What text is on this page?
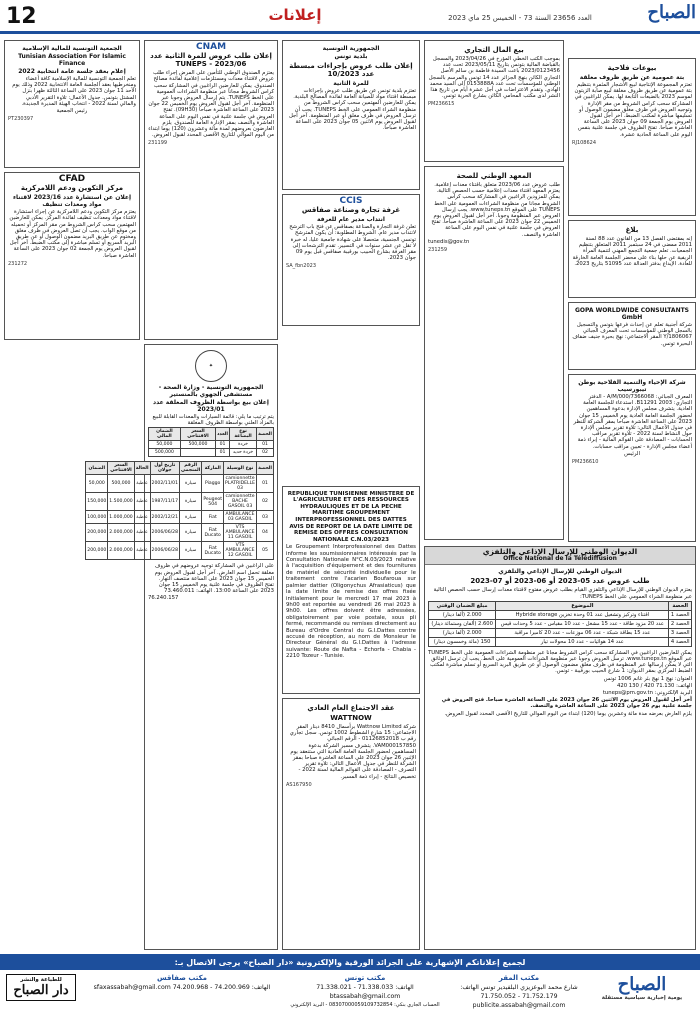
12	إعلانات	العدد 23656 السنة 73 - الخميس 25 ماي 2023	الصباح
بيوعات فلاحية
بتة عمومية عن طريق ظروف مغلقة

تعتزم المجموعة الإنتاجية لبيع الأشجار المثمرة بتنظيم بتة عمومية عن طريق ظروف مغلقة لبيع صابة الزيتون لموسم 2023 بالضيعات التابعة لها. يمكن للراغبين في المشاركة سحب كراس الشروط من مقر الإدارة وتوجيه العروض في ظرف مغلق مضمون الوصول أو تسليمها مباشرة لمكتب الضبط. آخر أجل لقبول العروض يوم الجمعة 09 جوان 2023 على الساعة العاشرة صباحا. تفتح الظروف في جلسة علنية بنفس اليوم على الساعة الحادية عشرة.

RJ108624
بلاغ

إنه بمقتضى الفصل 13 من القانون عدد 88 لسنة 2011 ممضى في 24 سبتمبر 2011 المتعلق بتنظيم الجمعيات. تعلم جمعية التجمع المهني لتنمية المرأة الريفية عن حلها بناء على محضر الجلسة العامة الخارقة للعادة. الإيداع بدفتر العدالة عدد 51095 بتاريخ 2023.

GOPA WORLDWIDE CONSULTANTS GmbH

شركة أجنبية تعلم عن إحداث فرعها بتونس والتسجيل بالسجل الوطني للمؤسسات تحت المعرف الجبائي 1806067/Y المقر الاجتماعي: نهج بحيرة جنيف ضفاف البحيرة تونس.

شركة الإحياء والتنمية الفلاحية بوطن تيبورسيب

المعرف الجبائي: 7366068/A/M/000 - الدفتر التجاري: B11291 2003. استدعاء للجلسة العامة العادية. يتشرف مجلس الإدارة بدعوة المساهمين لحضور الجلسة العامة العادية يوم الخميس 15 جوان 2023 على الساعة العاشرة صباحا بمقر الشركة للنظر في جدول الأعمال التالي: تلاوة تقرير مجلس الإدارة حول النشاط لسنة 2022 - تلاوة تقرير مراقب الحسابات - المصادقة على القوائم المالية - إبراء ذمة أعضاء مجلس الإدارة - تعيين مراقب حسابات.

الرئيس

PM236610
بيع المال التجاري

بموجب الكتب الخطي المؤرخ في 2023/04/26 والمسجل بالقباضة المالية بتونس بتاريخ 2023/05/11 تحت عدد 2023/0123456 باعت السيدة فاطمة بن سالم الأصل التجاري الكائن بنهج الجزائر عدد 14 تونس والمرسم بالسجل الوطني للمؤسسات تحت عدد 0153888A إلى السيد محمد الهادي. وتقدم الاعتراضات في أجل عشرة أيام من تاريخ هذا النشر لدى مكتب المحامي الكائن بشارع الحرية تونس.

PM236615
المعهد الوطني للصحة

طلب عروض عدد 2023/06 متعلق باقتناء معدات إعلامية. يعتزم المعهد اقتناء معدات إعلامية حسب الحصص التالية. يمكن للمزودين الراغبين في المشاركة سحب كراس الشروط مجانا من منظومة الشراءات العمومية على الخط TUNEPS على الموقع www.tuneps.tn. يجب إرسال العروض عبر المنظومة وجوبا. آخر أجل لقبول العروض يوم الخميس 22 جوان 2023 على الساعة العاشرة صباحا. تفتح العروض في جلسة علنية في نفس اليوم على الساعة العاشرة والنصف.

tunedis@gov.tn

231259
الجمهورية التونسية
بلدية تونس
إعلان طلب عروض بإجراءات مبسطة عدد 10/2023
للمرة الثانية

تعتزم بلدية تونس عن طريق طلب عروض بإجراءات مبسطة اقتناء مواد للصيانة العامة لفائدة المصالح البلدية. يمكن للعارضين المهتمين سحب كراس الشروط من منظومة الشراء العمومي على الخط TUNEPS. يجب أن ترسل العروض في ظرف مغلق أو عبر المنظومة. آخر أجل لقبول العروض يوم الاثنين 05 جوان 2023 على الساعة العاشرة صباحا.

CCIS
غرفة تجارة وصناعة صفاقس
انتداب مدير عام للغرفة

تعلن غرفة التجارة والصناعة بصفاقس عن فتح باب الترشح لانتداب مدير عام. الشروط المطلوبة: أن يكون المترشح تونسي الجنسية، متحصلا على شهادة جامعية عليا، له خبرة لا تقل عن عشر سنوات في التسيير. تقدم الترشحات إلى مقر الغرفة بشارع الحبيب بورقيبة صفاقس قبل يوم 09 جوان 2023.

SA_fbn2023
REPUBLIQUE TUNISIENNE MINISTERE DE L'AGRICULTURE ET DES RESSOURCES HYDRAULIQUES ET DE LA PECHE MARITIME GROUPEMENT INTERPROFESSIONNEL DES DATTES
AVIS DE REPORT DE LA DATE LIMITE DE REMISE DES OFFRES CONSULTATION NATIONALE C.N.03/2023

Le Groupement Interprofessionnel des Dattes informe les soumissionnaires intéressés par la Consultation Nationale N°C.N.03/2023 relative à l'acquisition d'équipement et des fournitures de matériel de sécurité individuelle pour le traitement contre l'acarien Boufaroua sur palmier dattier (Oligonychus Afrasiaticus) que la date limite de remise des offres fixée initialement pour le mercredi 17 mai 2023 à 9h00 est reportée au vendredi 26 mai 2023 à 9h00. Les offres doivent être adressées, obligatoirement par voie postale, sous pli fermé, recommandé ou remises directement au Bureau d'Ordre Central du G.I.Dattes contre accusé de réception, au nom de Monsieur le Directeur Général du G.I.Dattes à l'adresse suivante: Route de Nafta - Echorfa - Chabia - 2210 Tozeur - Tunisie.

عقد الاجتماع العام العادي
WATTNOW

شركة Wattnow Limited برأسمال 8410 دينار المقر الاجتماعي: 15 شارع الشطوط 1002 تونس. سجل تجاري رقم ب 01126852018 - الرقم الجبائي VAM000157850. يتشرف مسير الشركة بدعوة المساهمين لحضور الجلسة العامة العادية التي ستنعقد يوم الإثنين 26 جوان 2023 على الساعة العاشرة صباحا بمقر الشركة للنظر في جدول الأعمال التالي: تلاوة تقرير التصرف - المصادقة على القوائم المالية لسنة 2022 - تخصيص النتائج - إبراء ذمة المسير.

AS167950
CNAM
إعلان طلب عروض للمرة الثانية عدد 2023/06 - TUNEPS

يعتزم الصندوق الوطني للتأمين على المرض إجراء طلب عروض لاقتناء معدات ومستلزمات إعلامية لفائدة مصالح الصندوق. يمكن للعارضين الراغبين في المشاركة سحب كراس الشروط مجانا عبر منظومة الشراءات العمومية على الخط TUNEPS. يتم إرسال العروض وجوبا عبر المنظومة. آخر أجل لقبول العروض يوم الخميس 22 جوان 2023 على الساعة العاشرة صباحا (09H30). تفتح العروض في جلسة علنية في نفس اليوم على الساعة العاشرة والنصف بمقر الإدارة العامة للصندوق. يلزم العارضون بعروضهم لمدة مائة وعشرون (120) يوما ابتداء من اليوم الموالي للتاريخ الأقصى المحدد لقبول العروض.

231199
✦
الجمهورية التونسية - وزارة الصحة - مستشفى الجهوي بالمنستير
إعلان بيع بواسطة الظروف المغلقة عدد 2023/01

يتم ترتيب ما يلي: قائمة السيارات والمعدات القابلة للبيع بالمزاد العلني بواسطة الظروف المغلقة

الحصة	نوع البضاعة	العدد	السعر الافتتاحي	الضمان المالي
01	خردة	01	500,000	50,000
02	خردة حديد	01		500,000
الحصة	نوع الوسيلة	الماركة	الرقم المنجمي	تاريخ أول جولان	الحالة	السعر الافتتاحي	الضمان
01	camionnette PLATRIDELLE 03	Piaggo	سيارة	2002/11/01	عاطبة	500,000	50,000
02	camionnette BACHE GASOIL 03	Peugeot 504	سيارة	1987/11/17	عاطبة	1.500,000	150,000
03	AMBULANCE 03 GASOIL	Fiat	سيارة	2002/12/21	عاطبة	1.000,000	100,000
04	VTS AMBULANCE 11 GASOIL	Fiat Ducato	سيارة	2006/06/28	عاطبة	2.000,000	200,000
05	VTS AMBULANCE 12 GASOIL	Fiat Ducato	سيارة	2006/06/28	عاطبة	2.000,000	200,000

على الراغبين في المشاركة توجيه عروضهم في ظروف مغلقة تحمل اسم العارض. آخر أجل لقبول العروض يوم الخميس 15 جوان 2023 على الساعة منتصف النهار. تفتح الظروف في جلسة علنية يوم الخميس 15 جوان 2023 على الساعة 13:00. الهاتف: 73.460.011

76.240.157

الجمعية التونسية للمالية الإسلامية
Tunisian Association For Islamic Finance
إعلام بعقد جلسة عامة انتخابية 2022

تعلم الجمعية التونسية للمالية الإسلامية كافة أعضاء ومنخرطيها بعقد الجلسة العامة الانتخابية 2022 وذلك يوم الأحد 11 جوان 2023 على الساعة الثالثة ظهرا بنزل المشتل بتونس. جدول الأعمال: تلاوة التقرير الأدبي والمالي لسنة 2022 - انتخاب الهيئة المديرة الجديدة.

رئيس الجمعية

PT230397
CFAD
مركز التكوين ودعم اللامركزية
إعلان عن استشارة عدد 2023/16 لاقتناء مواد ومعدات تنظيف

يعتزم مركز التكوين ودعم اللامركزية عن إجراء استشارة لاقتناء مواد ومعدات تنظيف لفائدة المركز. يمكن للعارضين المهتمين سحب كراس الشروط من مقر المركز أو تحميله من موقع الواب. يجب أن تصل العروض في ظرف مغلق ومختوم عن طريق البريد مضمون الوصول أو عن طريق البريد السريع أو تسلم مباشرة إلى مكتب الضبط. آخر أجل لقبول العروض يوم الجمعة 02 جوان 2023 على الساعة العاشرة صباحا.

231272
الديوان الوطني للإرسال الإذاعي والتلفزي
Office National de la Télédiffusion
الديوان الوطني للإرسال الإذاعي والتلفزي
طلب عروض عدد 05-2023 أو 06-2023 أو 07-2023

يعتزم الديوان الوطني للإرسال الإذاعي والتلفزي القيام بطلب عروض مفتوح لاقتناء معدات إرسال حسب الحصص التالية عبر منظومة الشراء العمومي على الخط TUNEPS:

الحصة	الموضوع	مبلغ الضمان الوقتي
الحصة 1	اقتناء وتركيز وتشغيل عدد 01 وحدة تخزين Hybride storage	2.000 (ألفا دينار)
الحصة 2	عدد 20 مزود طاقة - عدد 15 مشغل - عدد 10 مقياس - عدد 5 وحدات قيس	2.600 (ألفان وستمائة دينار)
الحصة 3	عدد 15 بطاقة شبكة - عدد 06 موزعات - عدد 20 كاميرا مراقبة	2.000 (ألفا دينار)
الحصة 4	عدد 14 هوائيات - عدد 10 محولات تيار	150 (مائة وخمسون دينار)

يمكن للعارضين الراغبين في المشاركة سحب كراس الشروط مجانا عبر منظومة الشراءات العمومية على الخط TUNEPS عبر الموقع www.tuneps.tn. ترسل العروض وجوبا عبر منظومة الشراءات العمومية على الخط. يجب أن ترسل الوثائق التي لا يمكن إرسالها عبر المنظومة في ظرف مغلق مضمون الوصول أو عن طريق البريد السريع أو تسلم مباشرة لمكتب الضبط المركزي بمقر الديوان: 1 شارع الحبيب بورقيبة - تونس.

العنوان: نهج 1 نهج بئر غانم 1006 تونس

الهاتف: 71.130 420 / 130 420

البريد الإلكتروني: tuneps@pm.gov.tn

آخر أجل لقبول العروض يوم الاثنين 26 جوان 2023 على الساعة العاشرة صباحا. فتح العروض في جلسة علنية يوم 26 جوان 2023 على الساعة العاشرة والنصف.

يلزم العارض بعرضه مدة مائة وعشرين يوما (120) ابتداء من اليوم الموالي للتاريخ الأقصى المحدد لقبول العروض.

لجميع إعلاناتكم الإشهارية على الجرائد الورقية والإلكترونية «دار الصباح» يرجى الاتصال بـ:
الصباح
يومية إخبارية سياسية مستقلة
مكتب المقر
شارع محمد البوعزيزي البلفيدير تونس الهاتف: 71.752.179 - 71.750.052 publicite.assabah@gmail.com
مكتب تونس
الهاتف: 71.338.033 - 71.338.021 btassabah@gmail.com
الحساب الجاري بنكي: 08307000059109732854 - البريد الإلكتروني
مكتب صفاقس
الهاتف: 74.200.969 - 74.200.968 sfaxassabah@gmail.com
للطباعة والنشر
دار الصباح
